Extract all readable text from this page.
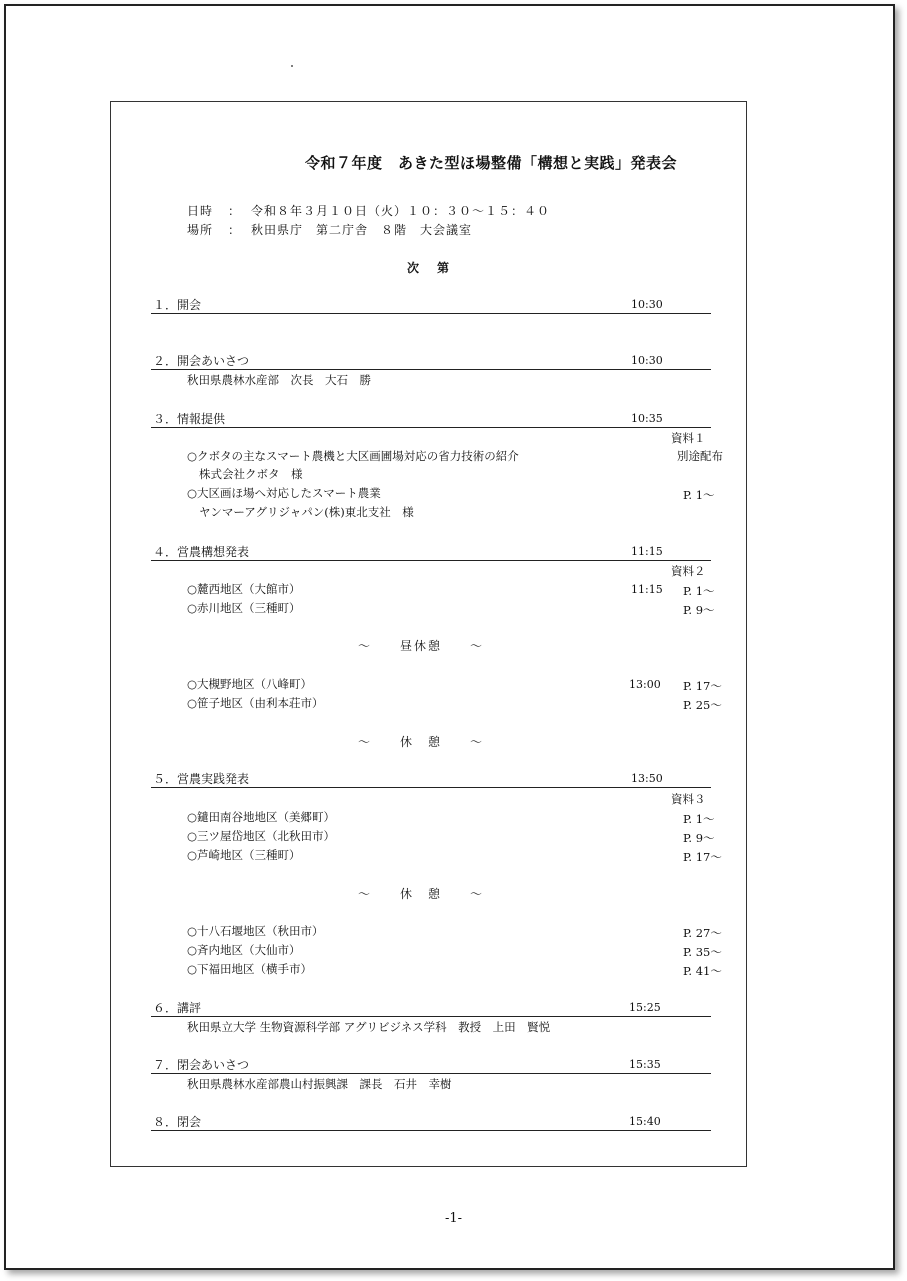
令和７年度　あきた型ほ場整備「構想と実践」発表会
日時 ： 令和８年３月１０日（火）１０：３０～１５：４０
場所 ： 秋田県庁　第二庁舎　８階　大会議室
次第
１．開会	10:30
２．開会あいさつ	10:30
秋田県農林水産部　次長　大石　勝
３．情報提供	10:35
資料１
○クボタの主なスマート農機と大区画圃場対応の省力技術の紹介	別途配布
株式会社クボタ　様
○大区画ほ場へ対応したスマート農業	P. 1～
ヤンマーアグリジャパン(株)東北支社　様
４．営農構想発表	11:15
資料２
○麓西地区（大館市）	11:15 P. 1～
○赤川地区（三種町）	P. 9～
～　　昼休憩　　～
○大槻野地区（八峰町）	13:00 P. 17～
○笹子地区（由利本荘市）	P. 25～
～　　休　憩　　～
５．営農実践発表	13:50
資料３
○鑓田南谷地地区（美郷町）	P. 1～
○三ツ屋岱地区（北秋田市）	P. 9～
○芦崎地区（三種町）	P. 17～
～　　休　憩　　～
○十八石堰地区（秋田市）	P. 27～
○斉内地区（大仙市）	P. 35～
○下福田地区（横手市）	P. 41～
６．講評	15:25
秋田県立大学 生物資源科学部 アグリビジネス学科　教授　上田　賢悦
７．閉会あいさつ	15:35
秋田県農林水産部農山村振興課　課長　石井　幸樹
８．閉会	15:40
-1-
